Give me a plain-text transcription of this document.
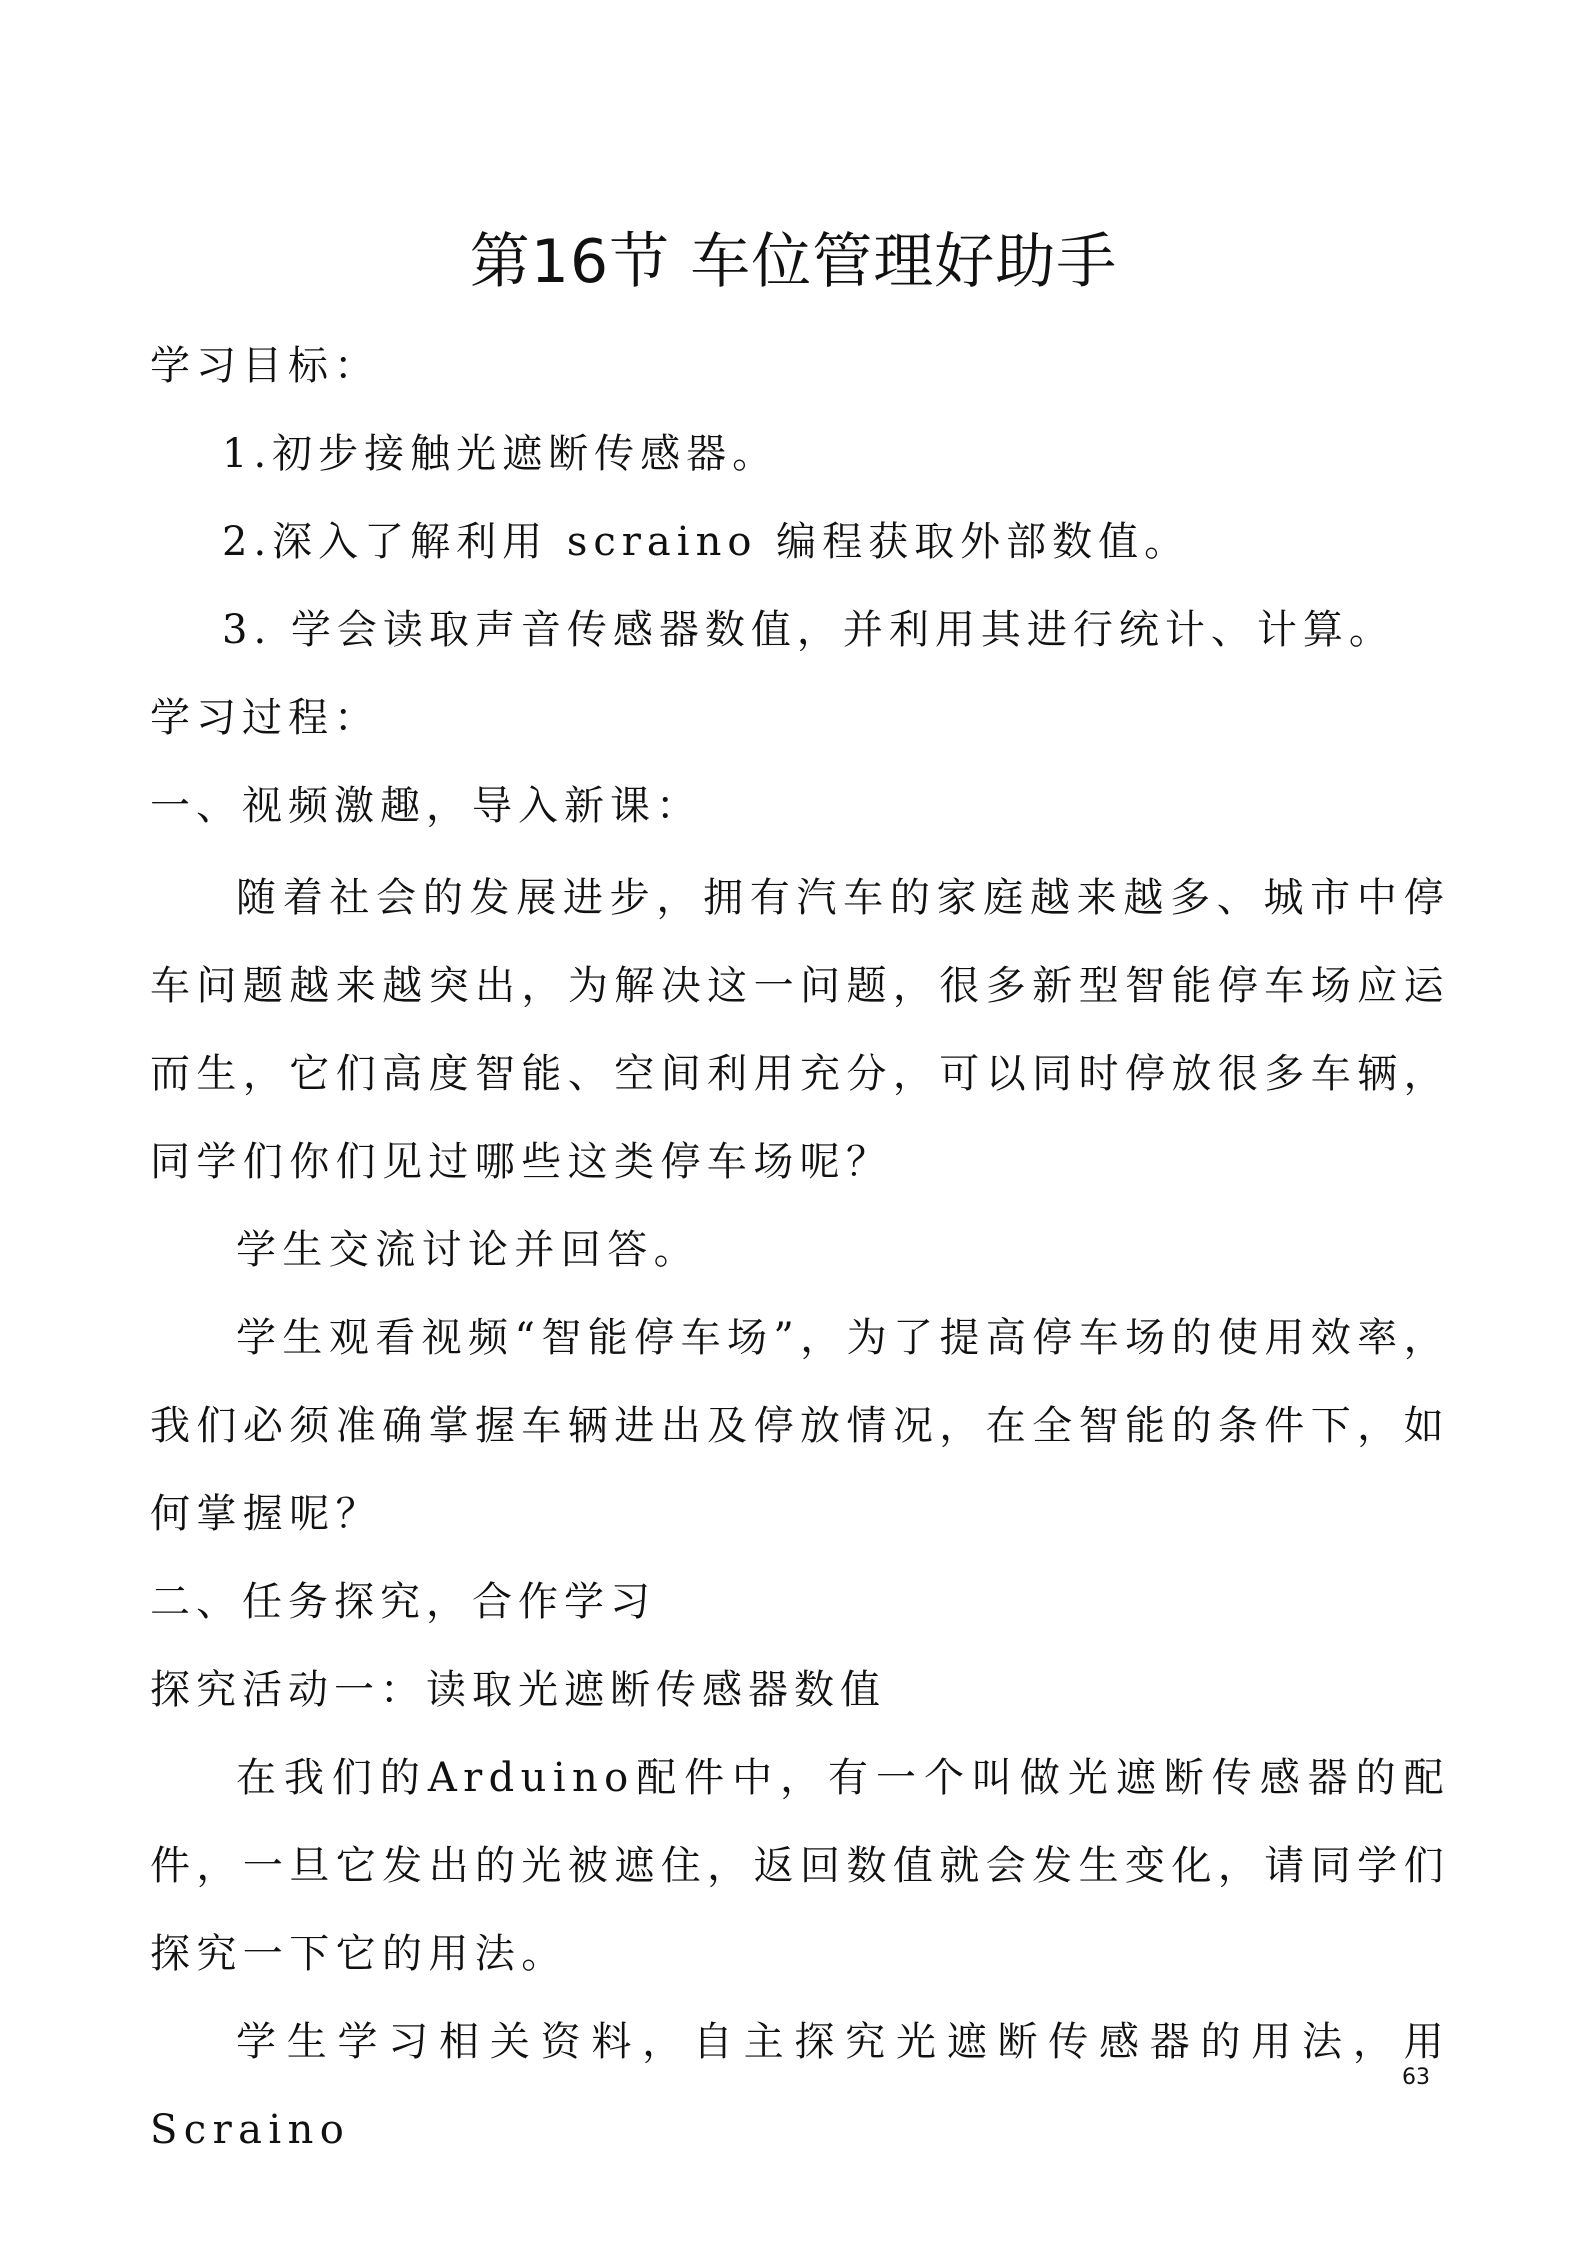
第16节 车位管理好助手
学习目标：
1.初步接触光遮断传感器。
2.深入了解利用 scraino 编程获取外部数值。
3. 学会读取声音传感器数值，并利用其进行统计、计算。
学习过程：
一、视频激趣，导入新课：

随着社会的发展进步，拥有汽车的家庭越来越多、城市中停车问题越来越突出，为解决这一问题，很多新型智能停车场应运而生，它们高度智能、空间利用充分，可以同时停放很多车辆，同学们你们见过哪些这类停车场呢？

学生交流讨论并回答。

学生观看视频“智能停车场”，为了提高停车场的使用效率，我们必须准确掌握车辆进出及停放情况，在全智能的条件下，如何掌握呢？

二、任务探究，合作学习
探究活动一：读取光遮断传感器数值

在我们的Arduino配件中，有一个叫做光遮断传感器的配件，一旦它发出的光被遮住，返回数值就会发生变化，请同学们探究一下它的用法。

学生学习相关资料，自主探究光遮断传感器的用法，用Scraino

63
